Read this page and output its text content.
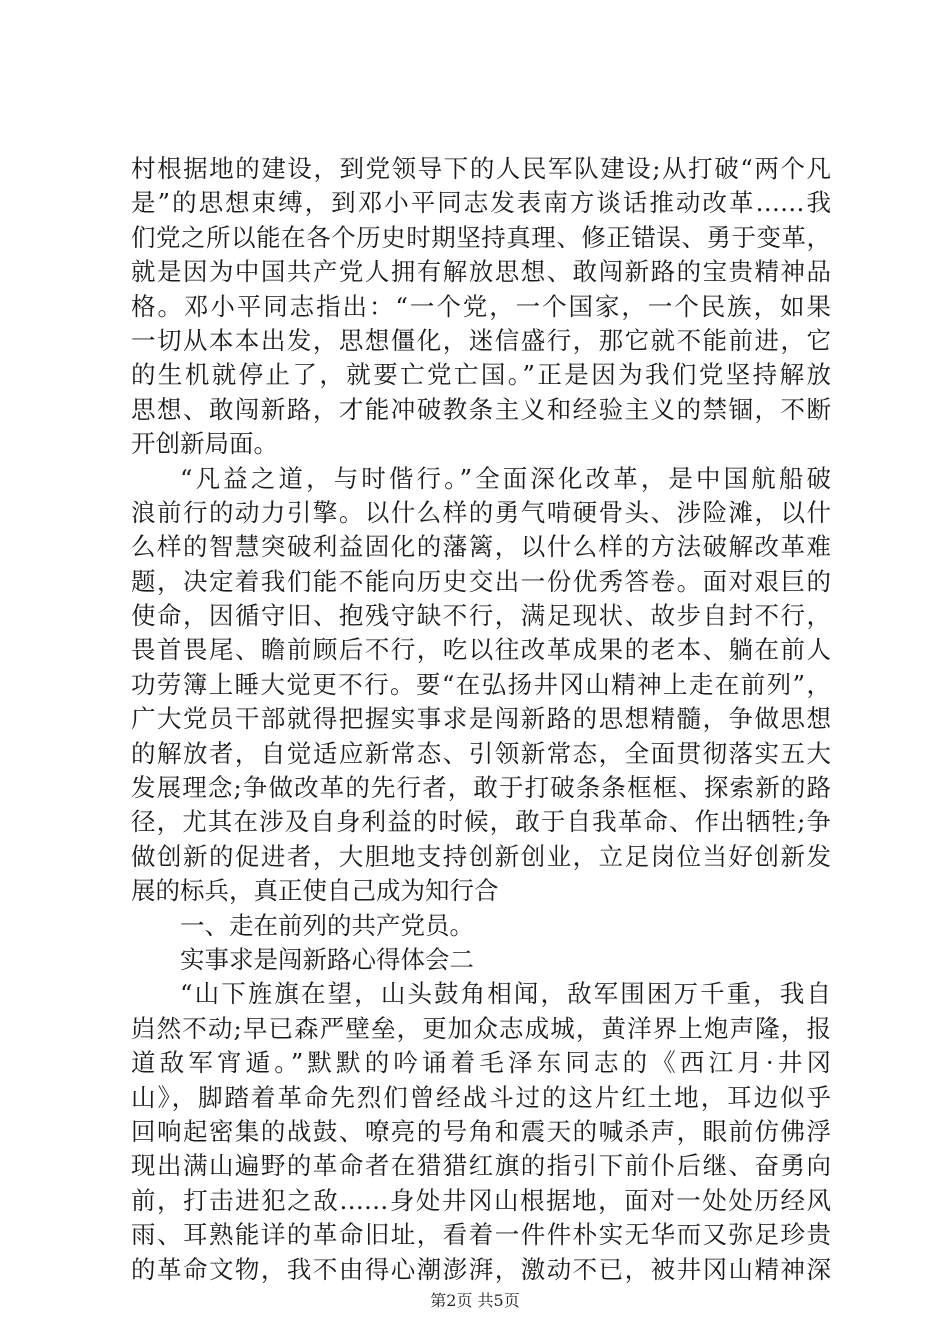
村根据地的建设，到党领导下的人民军队建设;从打破“两个凡
是”的思想束缚，到邓小平同志发表南方谈话推动改革……我
们党之所以能在各个历史时期坚持真理、修正错误、勇于变革，
就是因为中国共产党人拥有解放思想、敢闯新路的宝贵精神品
格。邓小平同志指出：“一个党，一个国家，一个民族，如果
一切从本本出发，思想僵化，迷信盛行，那它就不能前进，它
的生机就停止了，就要亡党亡国。”正是因为我们党坚持解放
思想、敢闯新路，才能冲破教条主义和经验主义的禁锢，不断
开创新局面。
“凡益之道，与时偕行。”全面深化改革，是中国航船破
浪前行的动力引擎。以什么样的勇气啃硬骨头、涉险滩，以什
么样的智慧突破利益固化的藩篱，以什么样的方法破解改革难
题，决定着我们能不能向历史交出一份优秀答卷。面对艰巨的
使命，因循守旧、抱残守缺不行，满足现状、故步自封不行，
畏首畏尾、瞻前顾后不行，吃以往改革成果的老本、躺在前人
功劳簿上睡大觉更不行。要“在弘扬井冈山精神上走在前列”，
广大党员干部就得把握实事求是闯新路的思想精髓，争做思想
的解放者，自觉适应新常态、引领新常态，全面贯彻落实五大
发展理念;争做改革的先行者，敢于打破条条框框、探索新的路
径，尤其在涉及自身利益的时候，敢于自我革命、作出牺牲;争
做创新的促进者，大胆地支持创新创业，立足岗位当好创新发
展的标兵，真正使自己成为知行合
一、走在前列的共产党员。
实事求是闯新路心得体会二
“山下旌旗在望，山头鼓角相闻，敌军围困万千重，我自
岿然不动;早已森严壁垒，更加众志成城，黄洋界上炮声隆，报
道敌军宵遁。”默默的吟诵着毛泽东同志的《西江月·井冈
山》，脚踏着革命先烈们曾经战斗过的这片红土地，耳边似乎
回响起密集的战鼓、嘹亮的号角和震天的喊杀声，眼前仿佛浮
现出满山遍野的革命者在猎猎红旗的指引下前仆后继、奋勇向
前，打击进犯之敌……身处井冈山根据地，面对一处处历经风
雨、耳熟能详的革命旧址，看着一件件朴实无华而又弥足珍贵
的革命文物，我不由得心潮澎湃，激动不已，被井冈山精神深
第2页 共5页
